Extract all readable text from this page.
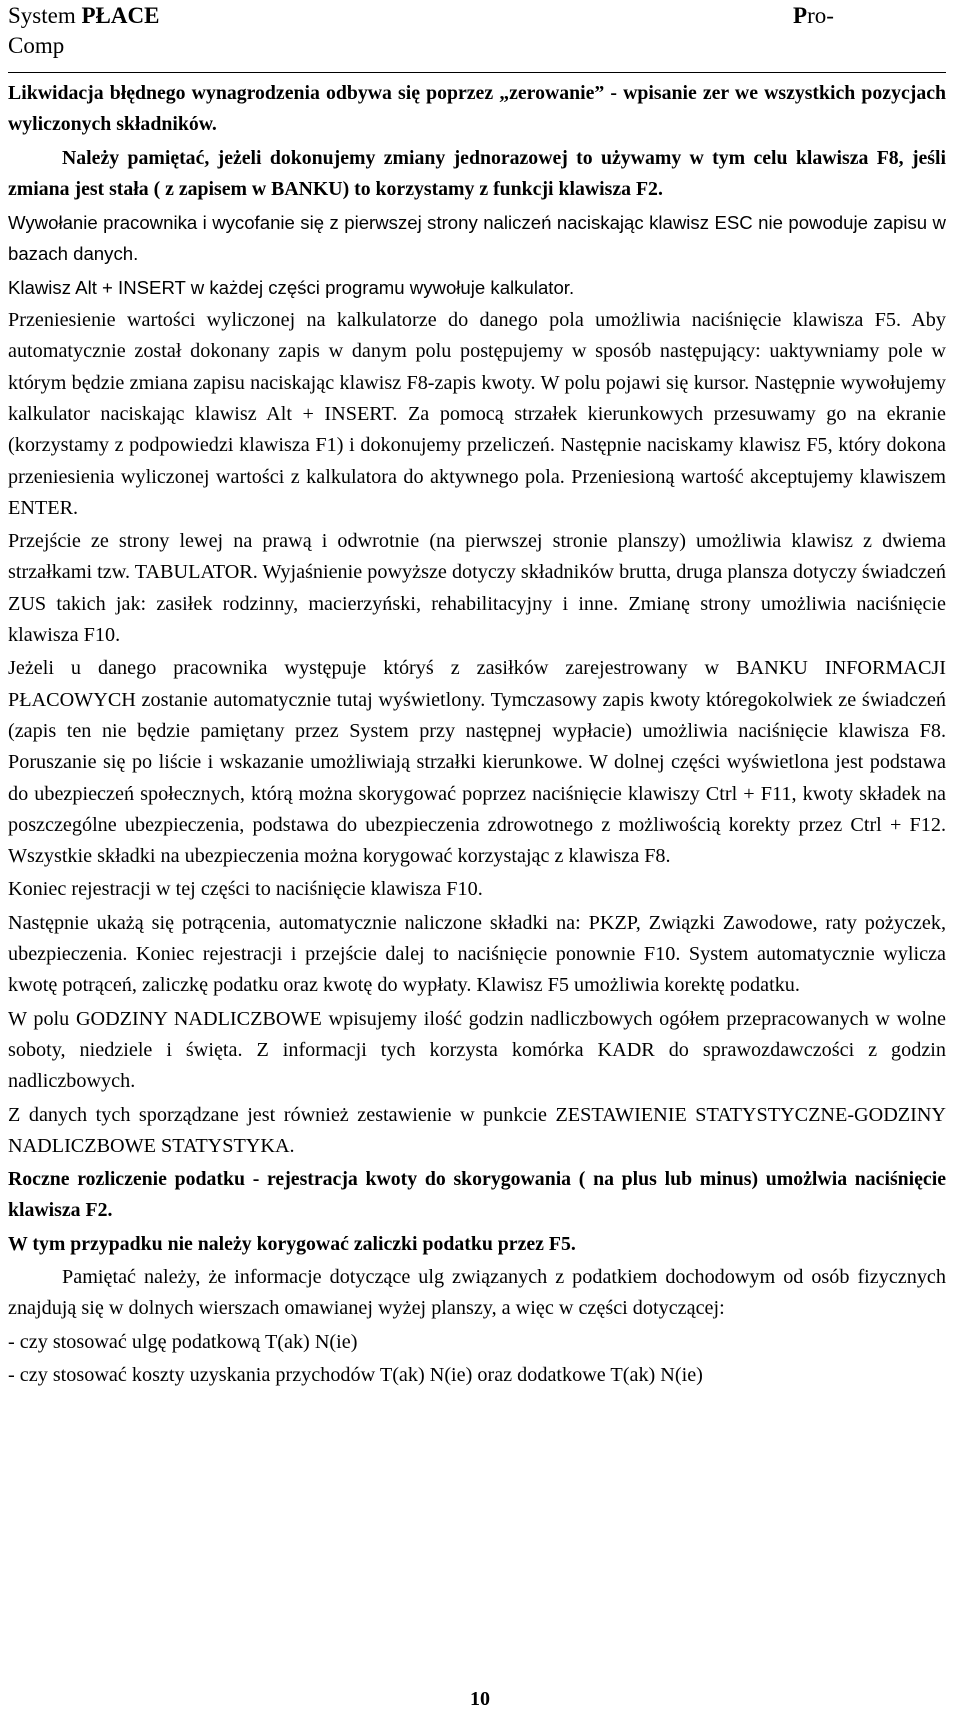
System PŁACE	Pro-
Comp

Likwidacja błędnego wynagrodzenia odbywa się poprzez „zerowanie” - wpisanie zer we wszystkich pozycjach wyliczonych składników.

Należy pamiętać, jeżeli dokonujemy zmiany jednorazowej to używamy w tym celu klawisza F8, jeśli zmiana jest stała ( z zapisem w BANKU) to korzystamy z funkcji klawisza F2.

Wywołanie pracownika i wycofanie się z pierwszej strony naliczeń naciskając klawisz ESC nie powoduje zapisu w bazach danych.

Klawisz Alt + INSERT w każdej części programu wywołuje kalkulator.

Przeniesienie wartości wyliczonej na kalkulatorze do danego pola umożliwia naciśnięcie klawisza F5. Aby automatycznie został dokonany zapis w danym polu postępujemy w sposób następujący: uaktywniamy pole w którym będzie zmiana zapisu naciskając klawisz F8-zapis kwoty. W polu pojawi się kursor. Następnie wywołujemy kalkulator naciskając klawisz Alt + INSERT. Za pomocą strzałek kierunkowych przesuwamy go na ekranie (korzystamy z podpowiedzi klawisza F1) i dokonujemy przeliczeń. Następnie naciskamy klawisz F5, który dokona przeniesienia wyliczonej wartości z kalkulatora do aktywnego pola. Przeniesioną wartość akceptujemy klawiszem ENTER.

Przejście ze strony lewej na prawą i odwrotnie (na pierwszej stronie planszy) umożliwia klawisz z dwiema strzałkami tzw. TABULATOR. Wyjaśnienie powyższe dotyczy składników brutta, druga plansza dotyczy świadczeń ZUS takich jak: zasiłek rodzinny, macierzyński, rehabilitacyjny i inne. Zmianę strony umożliwia naciśnięcie klawisza F10.

Jeżeli u danego pracownika występuje któryś z zasiłków zarejestrowany w BANKU INFORMACJI PŁACOWYCH zostanie automatycznie tutaj wyświetlony. Tymczasowy zapis kwoty któregokolwiek ze świadczeń (zapis ten nie będzie pamiętany przez System przy następnej wypłacie) umożliwia naciśnięcie klawisza F8. Poruszanie się po liście i wskazanie umożliwiają strzałki kierunkowe. W dolnej części wyświetlona jest podstawa do ubezpieczeń społecznych, którą można skorygować poprzez naciśnięcie klawiszy Ctrl + F11, kwoty składek na poszczególne ubezpieczenia, podstawa do ubezpieczenia zdrowotnego z możliwością korekty przez Ctrl + F12. Wszystkie składki na ubezpieczenia można korygować korzystając z klawisza F8.

Koniec rejestracji w tej części to naciśnięcie klawisza F10.

Następnie ukażą się potrącenia, automatycznie naliczone składki na: PKZP, Związki Zawodowe, raty pożyczek, ubezpieczenia. Koniec rejestracji i przejście dalej to naciśnięcie ponownie F10. System automatycznie wylicza kwotę potrąceń, zaliczkę podatku oraz kwotę do wypłaty. Klawisz F5 umożliwia korektę podatku.

W polu GODZINY NADLICZBOWE wpisujemy ilość godzin nadliczbowych ogółem przepracowanych w wolne soboty, niedziele i święta. Z informacji tych korzysta komórka KADR do sprawozdawczości z godzin nadliczbowych.

Z danych tych sporządzane jest również zestawienie w punkcie ZESTAWIENIE STATYSTYCZNE-GODZINY NADLICZBOWE STATYSTYKA.

Roczne rozliczenie podatku - rejestracja kwoty do skorygowania ( na plus lub minus) umożlwia naciśnięcie klawisza F2.

W tym przypadku nie należy korygować zaliczki podatku przez F5.

Pamiętać należy, że informacje dotyczące ulg związanych z podatkiem dochodowym od osób fizycznych znajdują się w dolnych wierszach omawianej wyżej planszy, a więc w części dotyczącej:

- czy stosować ulgę podatkową T(ak) N(ie)

- czy stosować koszty uzyskania przychodów T(ak) N(ie) oraz dodatkowe T(ak) N(ie)

10
